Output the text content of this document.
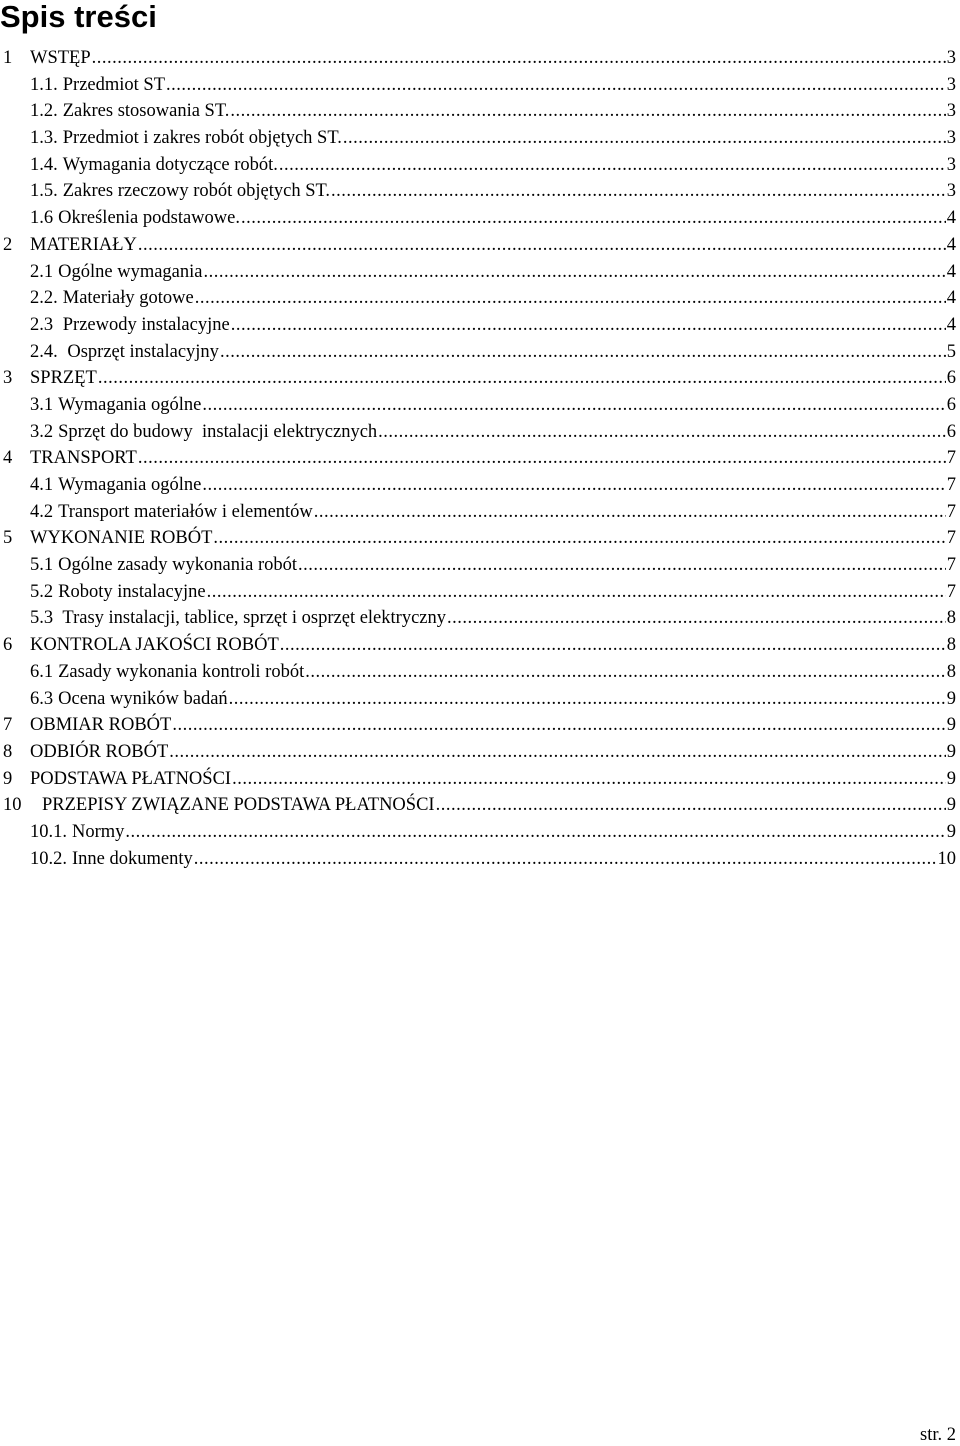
Spis treści
1 WSTĘP .....	3
1.1. Przedmiot ST .....	3
1.2. Zakres stosowania ST. .....	3
1.3. Przedmiot i zakres robót objętych ST. .....	3
1.4. Wymagania dotyczące robót. .....	3
1.5. Zakres rzeczowy robót objętych ST. .....	3
1.6 Określenia podstawowe. .....	4
2 MATERIAŁY .....	4
2.1 Ogólne wymagania .....	4
2.2. Materiały gotowe .....	4
2.3 Przewody instalacyjne .....	4
2.4. Osprzęt instalacyjny .....	5
3 SPRZĘT .....	6
3.1 Wymagania ogólne .....	6
3.2 Sprzęt do budowy  instalacji elektrycznych .....	6
4 TRANSPORT .....	7
4.1 Wymagania ogólne .....	7
4.2 Transport materiałów i elementów .....	7
5 WYKONANIE ROBÓT .....	7
5.1 Ogólne zasady wykonania robót .....	7
5.2 Roboty instalacyjne .....	7
5.3 Trasy instalacji, tablice, sprzęt i osprzęt elektryczny .....	8
6 KONTROLA JAKOŚCI ROBÓT .....	8
6.1 Zasady wykonania kontroli robót .....	8
6.3 Ocena wyników badań .....	9
7 OBMIAR ROBÓT .....	9
8 ODBIÓR ROBÓT .....	9
9 PODSTAWA PŁATNOŚCI .....	9
10	PRZEPISY ZWIĄZANE PODSTAWA PŁATNOŚCI .....	9
10.1. Normy .....	9
10.2. Inne dokumenty .....	10
str. 2
